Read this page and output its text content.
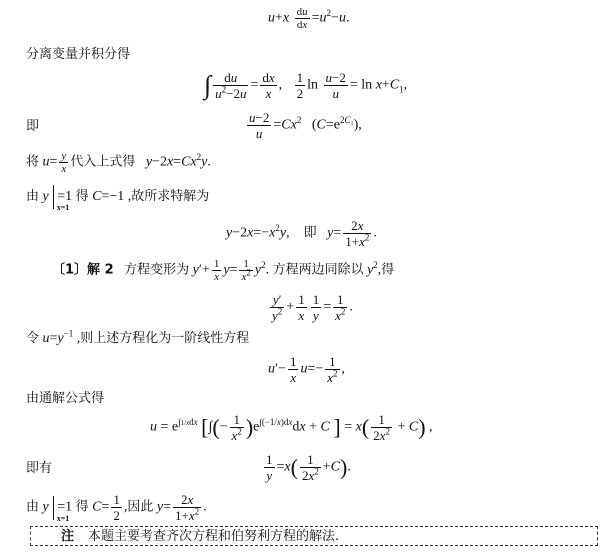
$u+x \frac{du}{dx} =u^2-u$.
分离变量并积分得
∫ $\frac{du}{u^2-2u} = \frac{dx}{x}$ , $\frac{1}{2}$ $\ln \frac{u-2}{u} = \ln x+C_1$,
即	$\frac{u-2}{u} =Cx^2$   $(C=e^{2C_1})$,
将 $u= \frac{y}{x}$ 代入上式得 $y-2x=Cx^2y$.
由 y
x=1
=1 得 C=−1 ,故所求特解为
$y-2x=-x^2y$,    即 $y= \frac{2x}{1+x^2}$ .
〔1〕解 2 方程变形为 $y'+ \frac{1}{x} y= \frac{1}{x^2} y^2$. 方程两边同除以 $y^2$,得
$\frac{y'}{y^2} + \frac{1}{x} \frac{1}{y} = \frac{1}{x^2}$ .
令 $u=y^{-1}$ ,则上述方程化为一阶线性方程
$u'- \frac{1}{x} u=- \frac{1}{x^2}$ ,
由通解公式得
$u = e^{\int 1/xdx}$ [∫(− $\frac{1}{x^2} )e^{\int(-1/x)dx}dx + C$ ] = $x( \frac{1}{2x^2} + C)$ ,
即有	$\frac{1}{y} =x( \frac{1}{2x^2} +C)$.
由 y
x=1
=1 得 $C= \frac{1}{2}$ ,因此 $y= \frac{2x}{1+x^2}$ .
注 本题主要考查齐次方程和伯努利方程的解法.
